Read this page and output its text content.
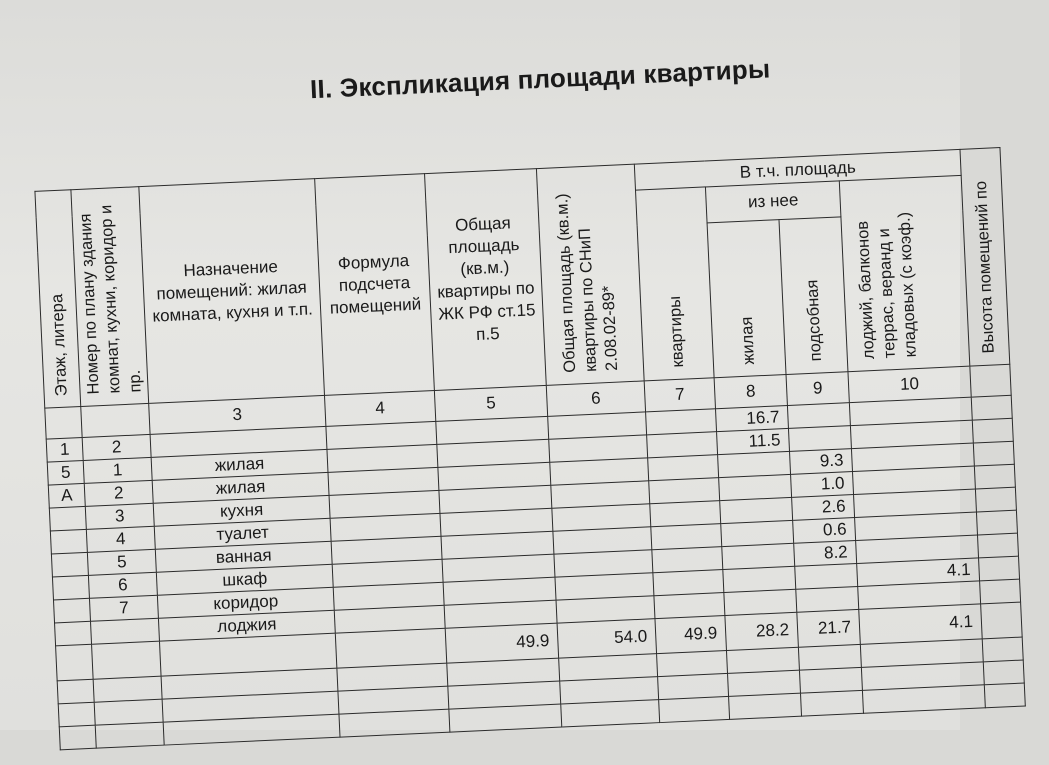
II. Экспликация площади квартиры
Этаж, литера	Номер по плану здания комнат, кухни, коридор и пр.	Назначение помещений: жилая комната, кухня и т.п.	Формула подсчета помещений	Общая площадь (кв.м.) квартиры по ЖК РФ ст.15 п.5	Общая площадь (кв.м.) квартиры по СНиП 2.08.02-89*	В т.ч. площадь				Высота помещений по
						квартиры	из нее		лоджий, балконов террас, веранд и кладовых (с коэф.)	
							жилая	подсобная		
		3	4	5	6	7	8	9	10	
1	2						16.7			
5	1	жилая					11.5			
А	2	жилая						9.3		
	3	кухня						1.0		
	4	туалет						2.6		
	5	ванная						0.6		
	6	шкаф						8.2		
	7	коридор							4.1	
		лоджия								
				49.9	54.0	49.9	28.2	21.7	4.1	
